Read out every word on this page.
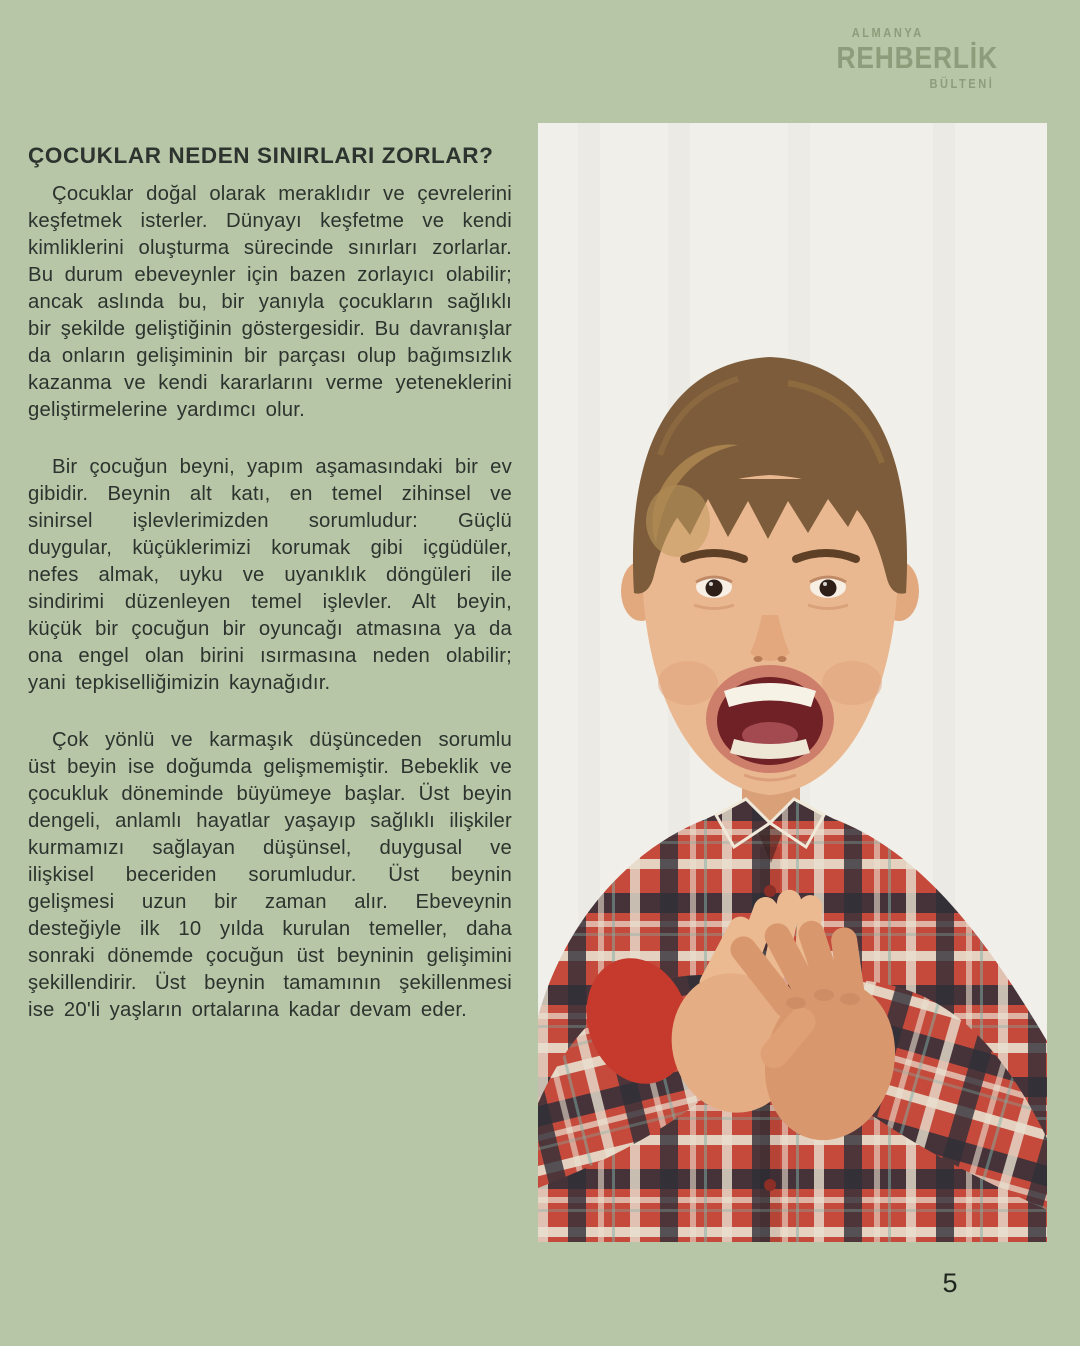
ALMANYA
REHBERLİK
BÜLTENİ
ÇOCUKLAR NEDEN SINIRLARI ZORLAR?

Çocuklar doğal olarak meraklıdır ve çevrelerini keşfetmek isterler. Dünyayı keşfetme ve kendi kimliklerini oluşturma sürecinde sınırları zorlarlar. Bu durum ebeveynler için bazen zorlayıcı olabilir; ancak aslında bu, bir yanıyla çocukların sağlıklı bir şekilde geliştiğinin göstergesidir. Bu davranışlar da onların gelişiminin bir parçası olup bağımsızlık kazanma ve kendi kararlarını verme yeteneklerini geliştirmelerine yardımcı olur.

Bir çocuğun beyni, yapım aşamasındaki bir ev gibidir. Beynin alt katı, en temel zihinsel ve sinirsel işlevlerimizden sorumludur: Güçlü duygular, küçüklerimizi korumak gibi içgüdüler, nefes almak, uyku ve uyanıklık döngüleri ile sindirimi düzenleyen temel işlevler. Alt beyin, küçük bir çocuğun bir oyuncağı atmasına ya da ona engel olan birini ısırmasına neden olabilir; yani tepkiselliğimizin kaynağıdır.

Çok yönlü ve karmaşık düşünceden sorumlu üst beyin ise doğumda gelişmemiştir. Bebeklik ve çocukluk döneminde büyümeye başlar. Üst beyin dengeli, anlamlı hayatlar yaşayıp sağlıklı ilişkiler kurmamızı sağlayan düşünsel, duygusal ve ilişkisel beceriden sorumludur. Üst beynin gelişmesi uzun bir zaman alır. Ebeveynin desteğiyle ilk 10 yılda kurulan temeller, daha sonraki dönemde çocuğun üst beyninin gelişimini şekillendirir. Üst beynin tamamının şekillenmesi ise 20'li yaşların ortalarına kadar devam eder.

5
